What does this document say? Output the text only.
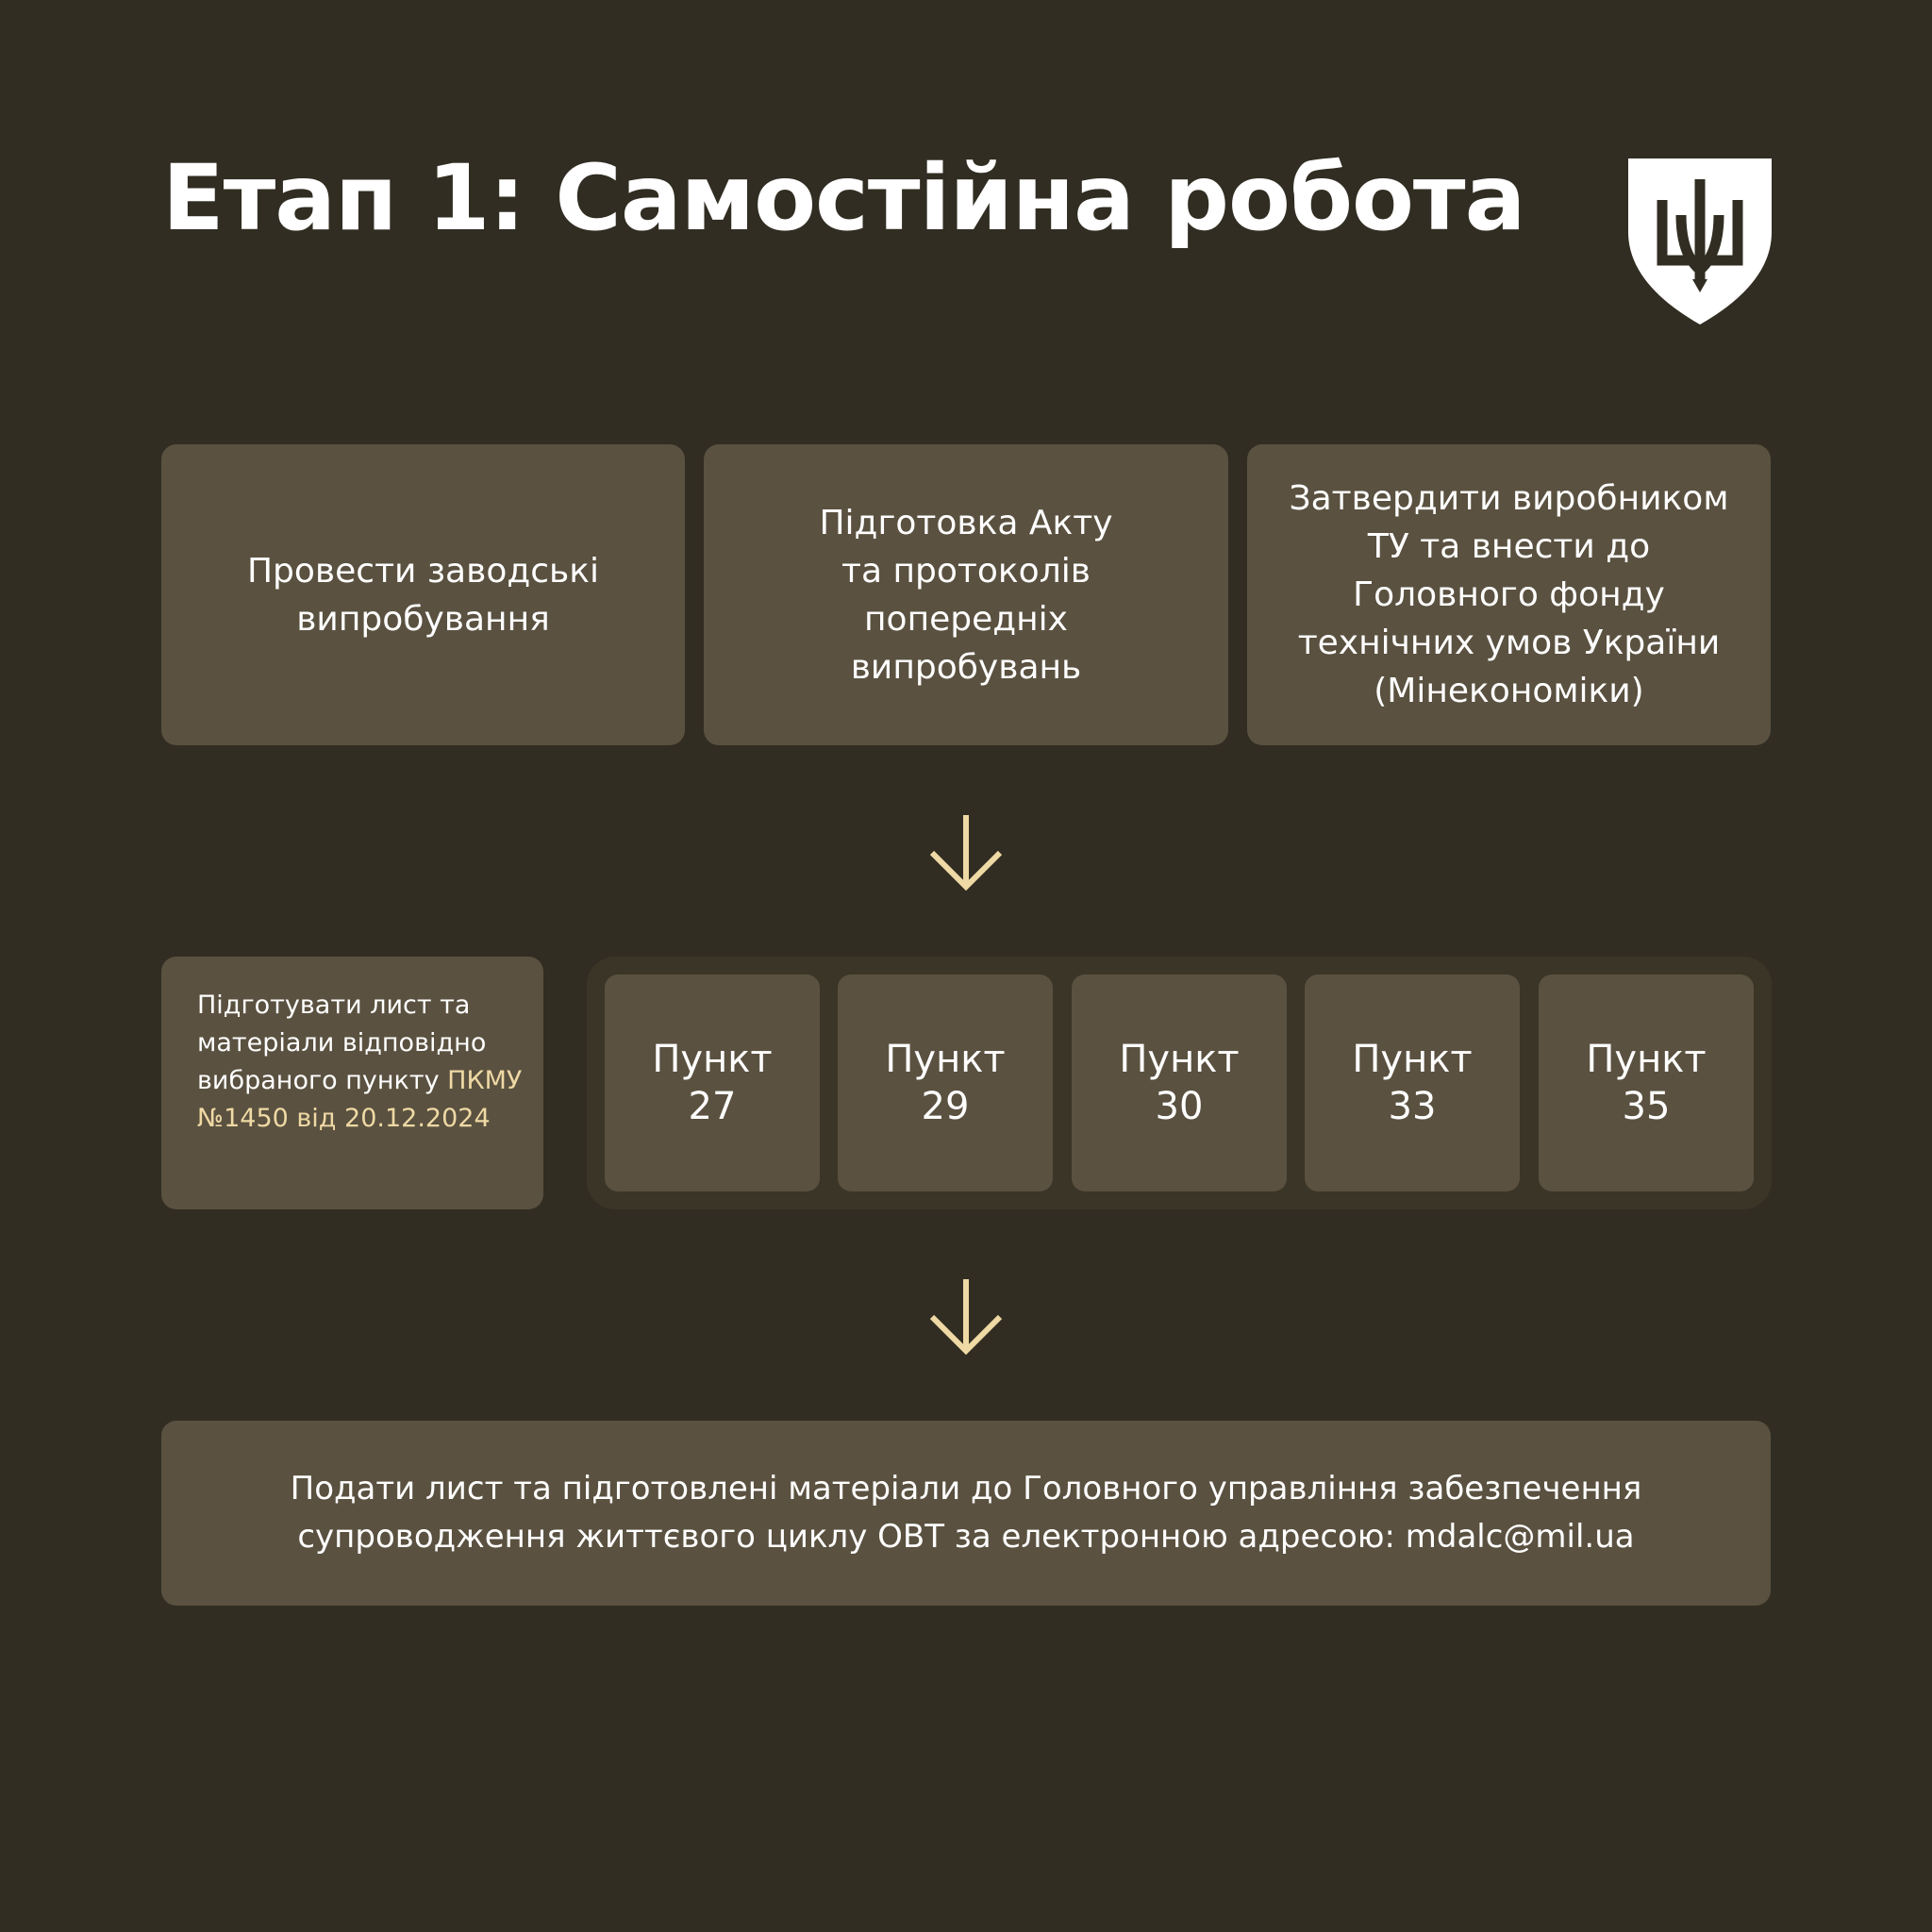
Етап 1: Самостійна робота
Провести заводські
випробування
Підготовка Акту
та протоколів
попередніх
випробувань
Затвердити виробником
ТУ та внести до
Головного фонду
технічних умов України
(Мінекономіки)
Підготувати лист та матеріали відповідно вибраного пункту ПКМУ №1450 від 20.12.2024
Пункт
27
Пункт
29
Пункт
30
Пункт
33
Пункт
35
Подати лист та підготовлені матеріали до Головного управління забезпечення
супроводження життєвого циклу ОВТ за електронною адресою: mdalc@mil.ua
